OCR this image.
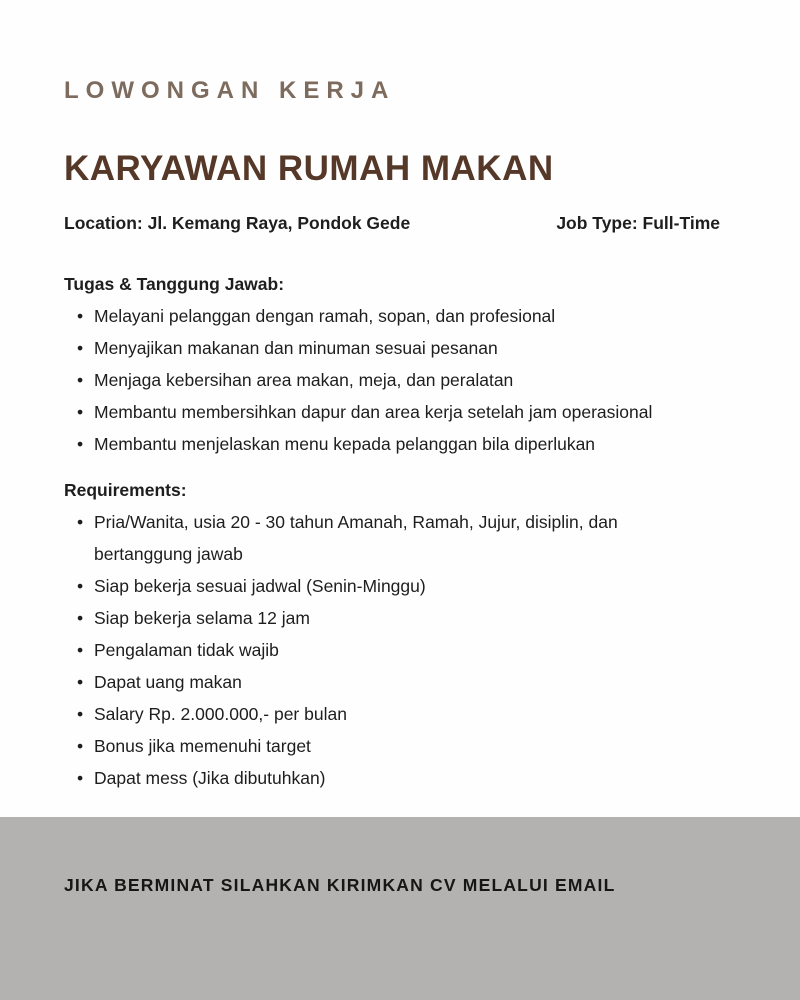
LOWONGAN KERJA
KARYAWAN RUMAH MAKAN
Location: Jl. Kemang Raya, Pondok Gede	Job Type: Full-Time
Tugas & Tanggung Jawab:
• Melayani pelanggan dengan ramah, sopan, dan profesional
• Menyajikan makanan dan minuman sesuai pesanan
• Menjaga kebersihan area makan, meja, dan peralatan
• Membantu membersihkan dapur dan area kerja setelah jam operasional
• Membantu menjelaskan menu kepada pelanggan bila diperlukan
Requirements:
• Pria/Wanita, usia 20 - 30 tahun Amanah, Ramah, Jujur, disiplin, dan bertanggung jawab
• Siap bekerja sesuai jadwal (Senin-Minggu)
• Siap bekerja selama 12 jam
• Pengalaman tidak wajib
• Dapat uang makan
• Salary Rp. 2.000.000,- per bulan
• Bonus jika memenuhi target
• Dapat mess (Jika dibutuhkan)
JIKA BERMINAT SILAHKAN KIRIMKAN CV MELALUI EMAIL
